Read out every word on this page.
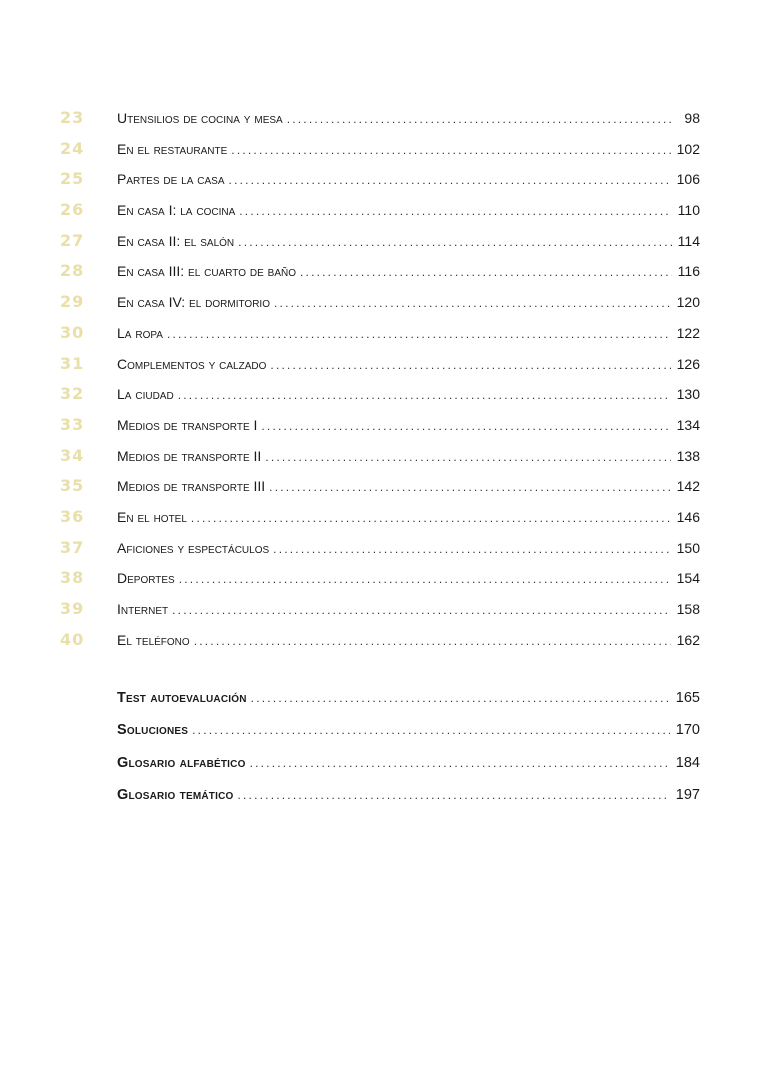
23	Utensilios de cocina y mesa .....	98
24	En el restaurante .....	102
25	Partes de la casa .....	106
26	En casa I: la cocina .....	110
27	En casa II: el salón .....	114
28	En casa III: el cuarto de baño .....	116
29	En casa IV: el dormitorio .....	120
30	La ropa .....	122
31	Complementos y calzado .....	126
32	La ciudad .....	130
33	Medios de transporte I .....	134
34	Medios de transporte II .....	138
35	Medios de transporte III .....	142
36	En el hotel .....	146
37	Aficiones y espectáculos .....	150
38	Deportes .....	154
39	Internet .....	158
40	El teléfono .....	162
Test autoevaluación .....	165
Soluciones .....	170
Glosario alfabético .....	184
Glosario temático .....	197
